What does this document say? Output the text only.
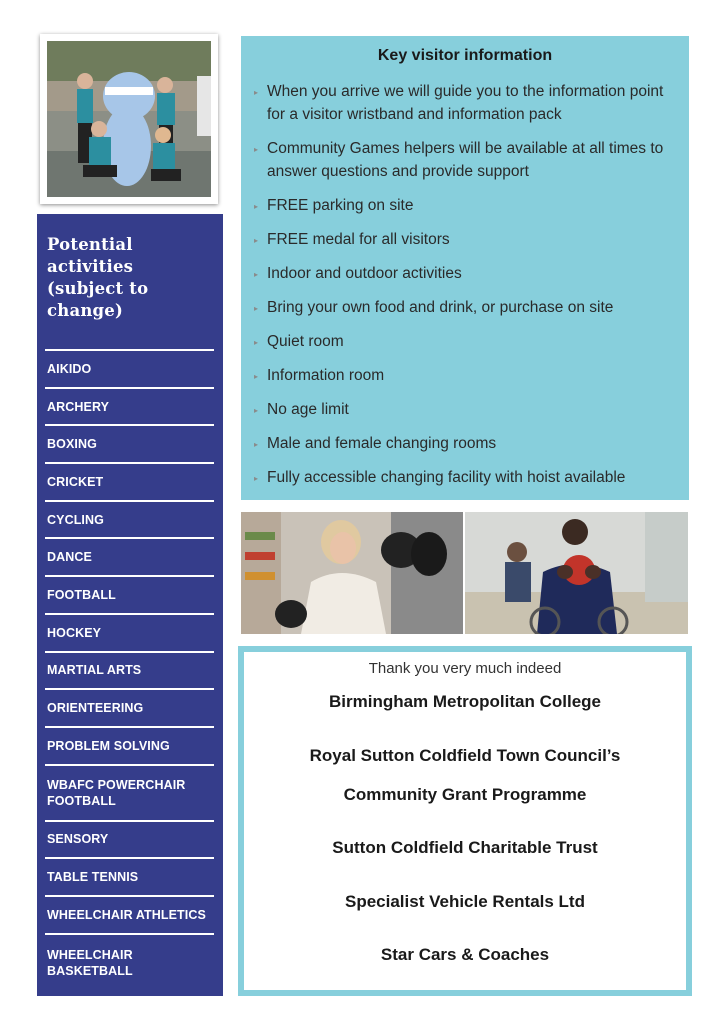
Potential
activities
(subject to
change)
AIKIDO
ARCHERY
BOXING
CRICKET
CYCLING
DANCE
FOOTBALL
HOCKEY
MARTIAL ARTS
ORIENTEERING
PROBLEM SOLVING
WBAFC POWERCHAIR FOOTBALL
SENSORY
TABLE TENNIS
WHEELCHAIR ATHLETICS
WHEELCHAIR BASKETBALL
Key visitor information
▸ When you arrive we will guide you to the information point for a visitor wristband and information pack
▸ Community Games helpers will be available at all times to answer questions and provide support
▸ FREE parking on site
▸ FREE medal for all visitors
▸ Indoor and outdoor activities
▸ Bring your own food and drink, or purchase on site
▸ Quiet room
▸ Information room
▸ No age limit
▸ Male and female changing rooms
▸ Fully accessible changing facility with hoist available
Thank you very much indeed
Birmingham Metropolitan College
Royal Sutton Coldfield Town Council’s
Community Grant Programme
Sutton Coldfield Charitable Trust
Specialist Vehicle Rentals Ltd
Star Cars & Coaches
